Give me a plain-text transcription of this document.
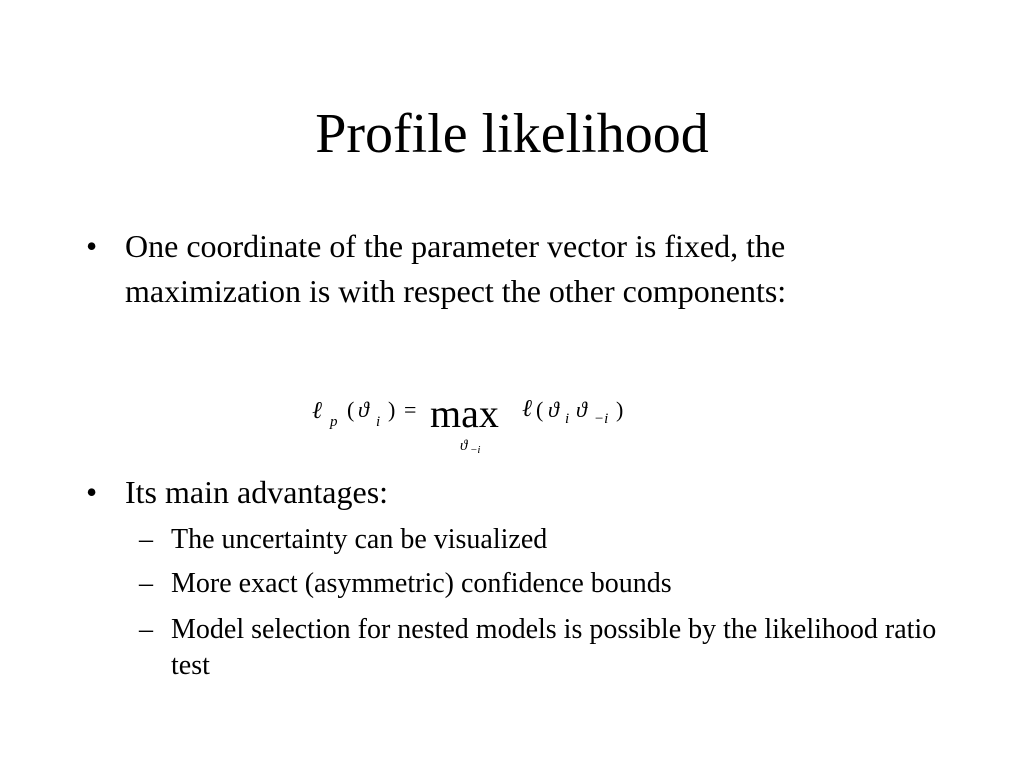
Profile likelihood
• One coordinate of the parameter vector is fixed, the maximization is with respect the other components:
ℓ p ( ϑ i ) = max
ϑ −i
ℓ ( ϑ i ϑ −i )
• Its main advantages:
– The uncertainty can be visualized
– More exact (asymmetric) confidence bounds
– Model selection for nested models is possible by the likelihood ratio test
